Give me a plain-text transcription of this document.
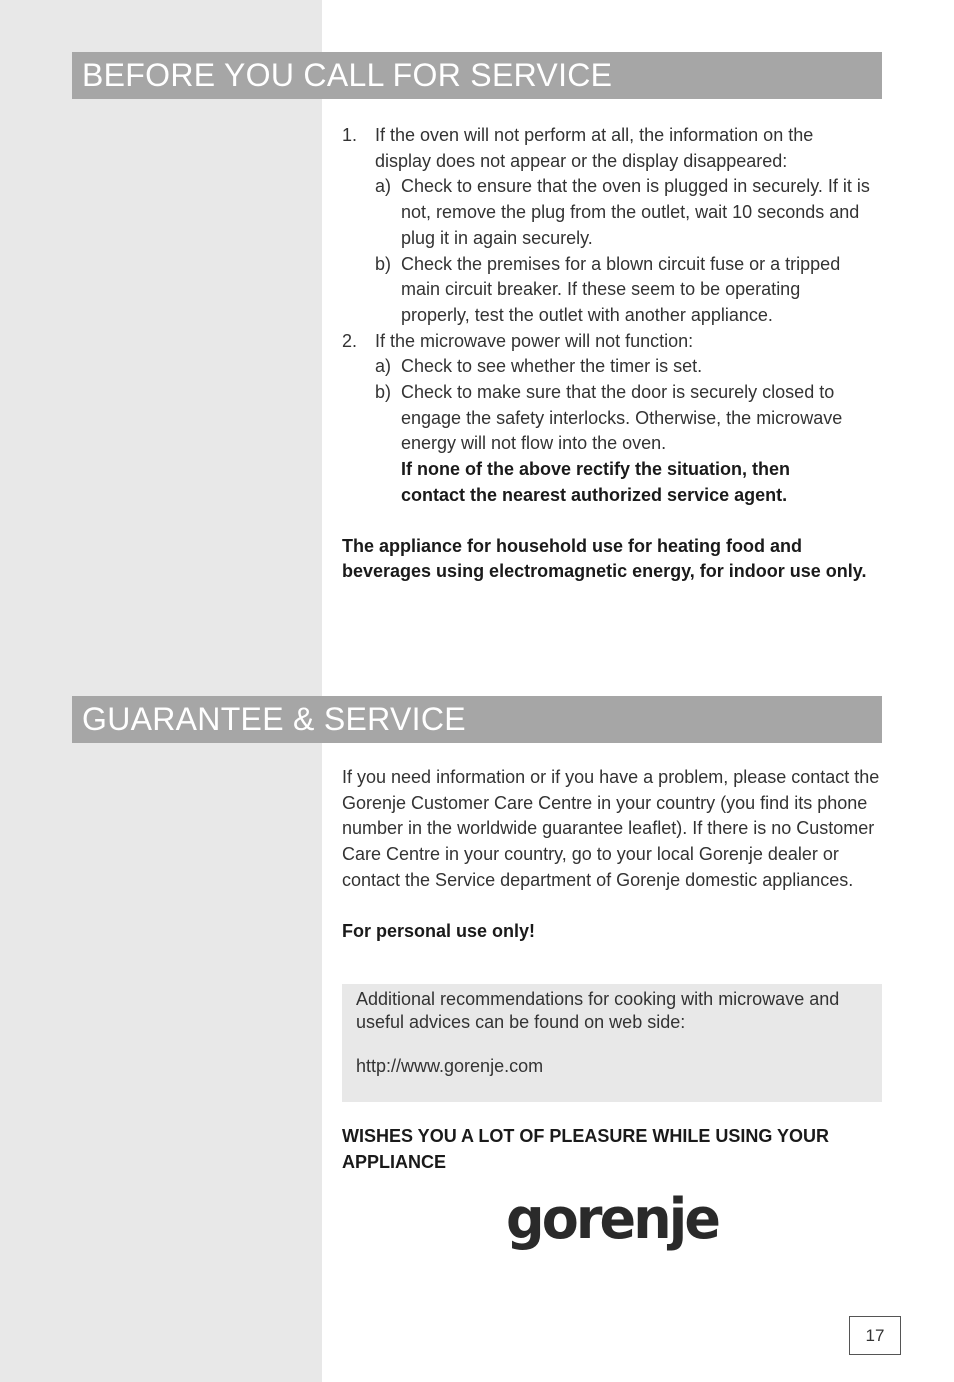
BEFORE YOU CALL FOR SERVICE
1. If the oven will not perform at all, the information on the display does not appear or the display disappeared:
a) Check to ensure that the oven is plugged in securely. If it is not, remove the plug from the outlet, wait 10 seconds and plug it in again securely.
b) Check the premises for a blown circuit fuse or a tripped main circuit breaker. If these seem to be operating properly, test the outlet with another appliance.
2. If the microwave power will not function:
a) Check to see whether the timer is set.
b) Check to make sure that the door is securely closed to engage the safety interlocks. Otherwise, the microwave energy will not flow into the oven.
If none of the above rectify the situation, then contact the nearest authorized service agent.
The appliance for household use for heating food and beverages using electromagnetic energy, for indoor use only.
GUARANTEE & SERVICE
If you need information or if you have a problem, please contact the Gorenje Customer Care Centre in your country (you find its phone number in the worldwide guarantee leaflet). If there is no Customer Care Centre in your country, go to your local Gorenje dealer or contact the Service department of Gorenje domestic appliances.
For personal use only!
Additional recommendations for cooking with microwave and useful advices can be found on web side:
http://www.gorenje.com
WISHES YOU A LOT OF PLEASURE WHILE USING YOUR APPLIANCE
gorenje
17
